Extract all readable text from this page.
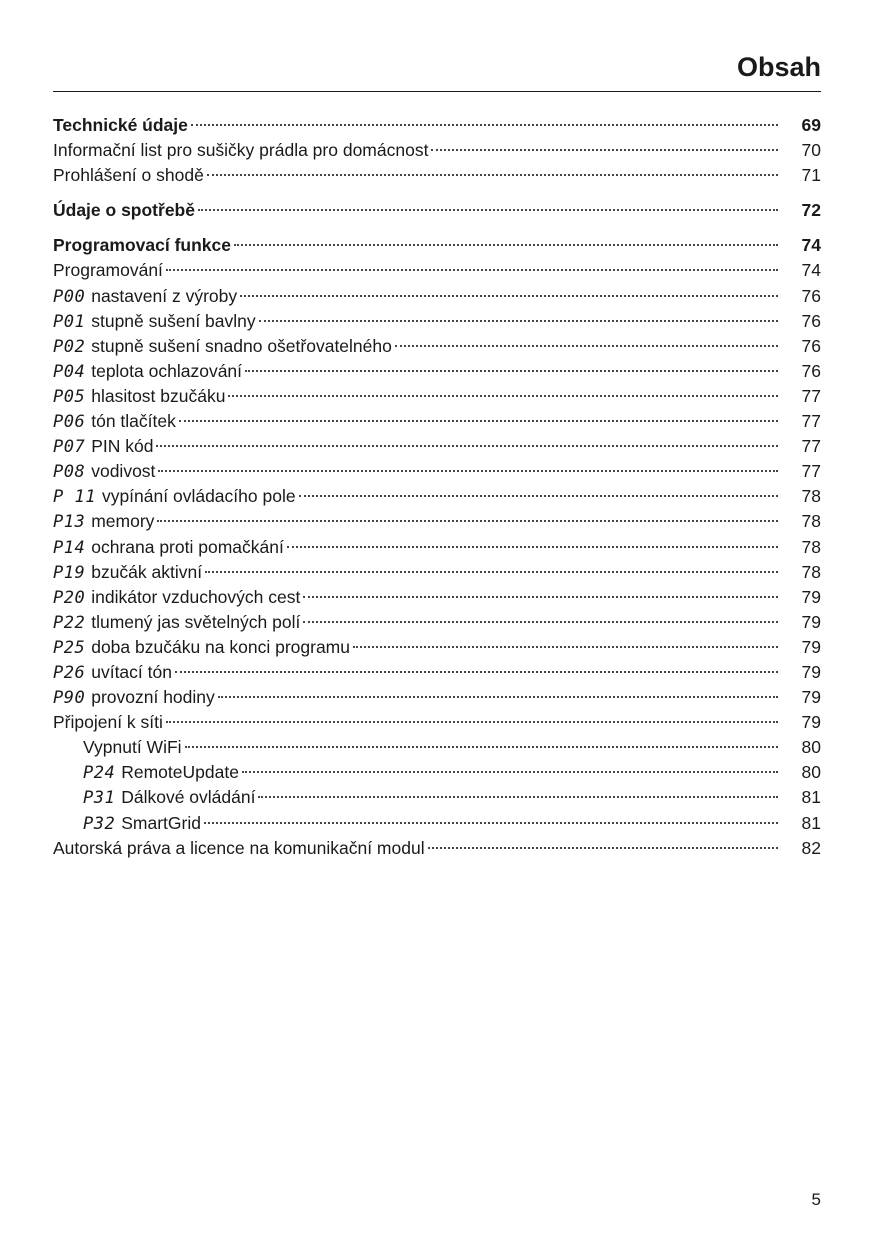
Obsah
Technické údaje	69
Informační list pro sušičky prádla pro domácnost	70
Prohlášení o shodě	71
Údaje o spotřebě	72
Programovací funkce	74
Programování	74
P00 nastavení z výroby	76
P01 stupně sušení bavlny	76
P02 stupně sušení snadno ošetřovatelného	76
P04 teplota ochlazování	76
P05 hlasitost bzučáku	77
P06 tón tlačítek	77
P07 PIN kód	77
P08 vodivost	77
P 11 vypínání ovládacího pole	78
P13 memory	78
P14 ochrana proti pomačkání	78
P19 bzučák aktivní	78
P20 indikátor vzduchových cest	79
P22 tlumený jas světelných polí	79
P25 doba bzučáku na konci programu	79
P26 uvítací tón	79
P90 provozní hodiny	79
Připojení k síti	79
Vypnutí WiFi	80
P24 RemoteUpdate	80
P31 Dálkové ovládání	81
P32 SmartGrid	81
Autorská práva a licence na komunikační modul	82
5
